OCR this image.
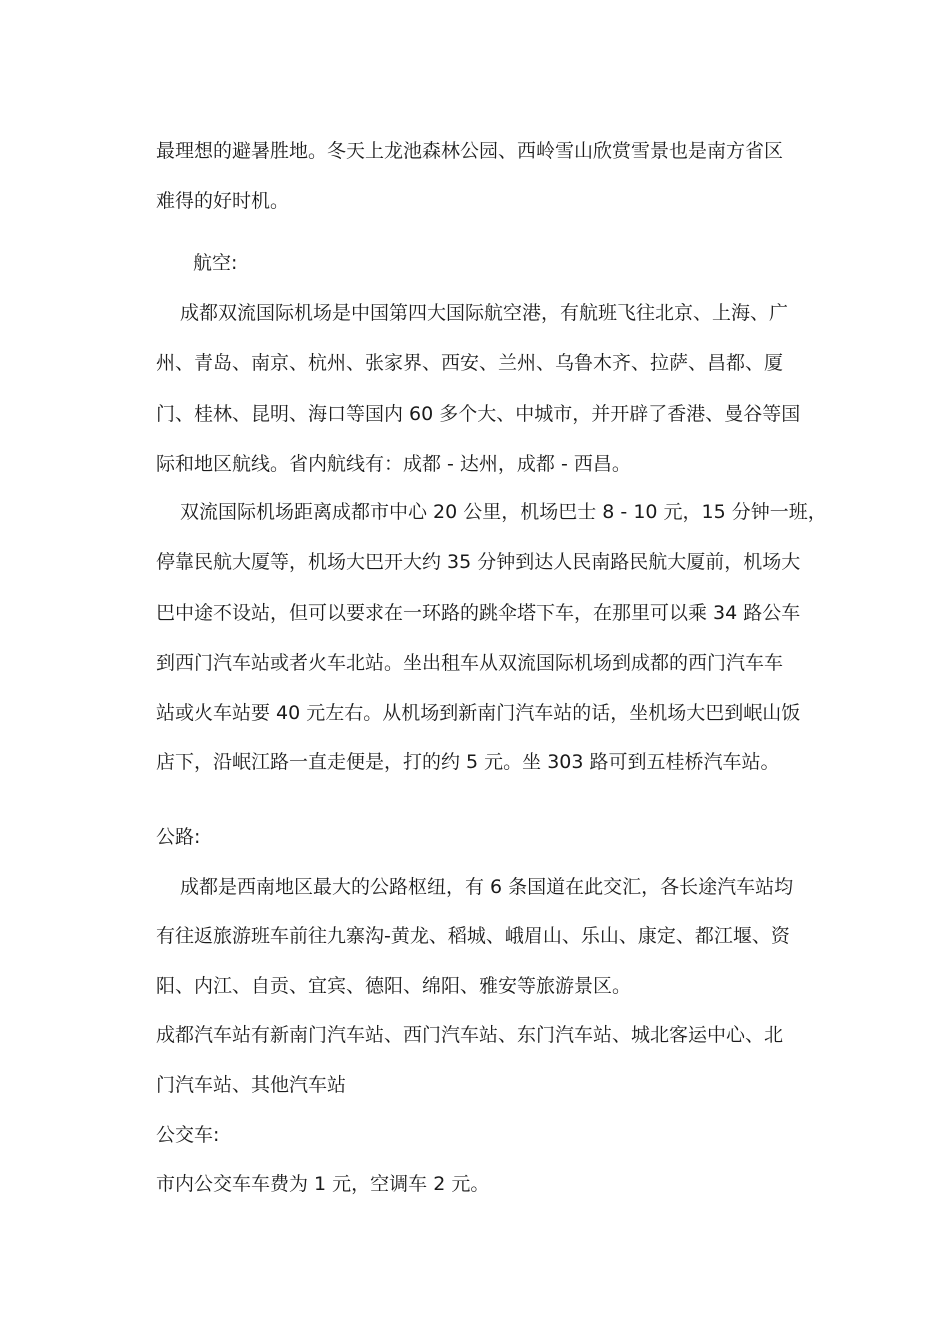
最理想的避暑胜地。冬天上龙池森林公园、西岭雪山欣赏雪景也是南方省区
难得的好时机。
航空:
成都双流国际机场是中国第四大国际航空港，有航班飞往北京、上海、广
州、青岛、南京、杭州、张家界、西安、兰州、乌鲁木齐、拉萨、昌都、厦
门、桂林、昆明、海口等国内 60 多个大、中城市，并开辟了香港、曼谷等国
际和地区航线。省内航线有：成都 - 达州，成都 - 西昌。
双流国际机场距离成都市中心 20 公里，机场巴士 8 - 10 元，15 分钟一班，
停靠民航大厦等，机场大巴开大约 35 分钟到达人民南路民航大厦前，机场大
巴中途不设站，但可以要求在一环路的跳伞塔下车，在那里可以乘 34 路公车
到西门汽车站或者火车北站。坐出租车从双流国际机场到成都的西门汽车车
站或火车站要 40 元左右。从机场到新南门汽车站的话，坐机场大巴到岷山饭
店下，沿岷江路一直走便是，打的约 5 元。坐 303 路可到五桂桥汽车站。
公路:
成都是西南地区最大的公路枢纽，有 6 条国道在此交汇，各长途汽车站均
有往返旅游班车前往九寨沟-黄龙、稻城、峨眉山、乐山、康定、都江堰、资
阳、内江、自贡、宜宾、德阳、绵阳、雅安等旅游景区。
成都汽车站有新南门汽车站、西门汽车站、东门汽车站、城北客运中心、北
门汽车站、其他汽车站
公交车:
市内公交车车费为 1 元，空调车 2 元。
